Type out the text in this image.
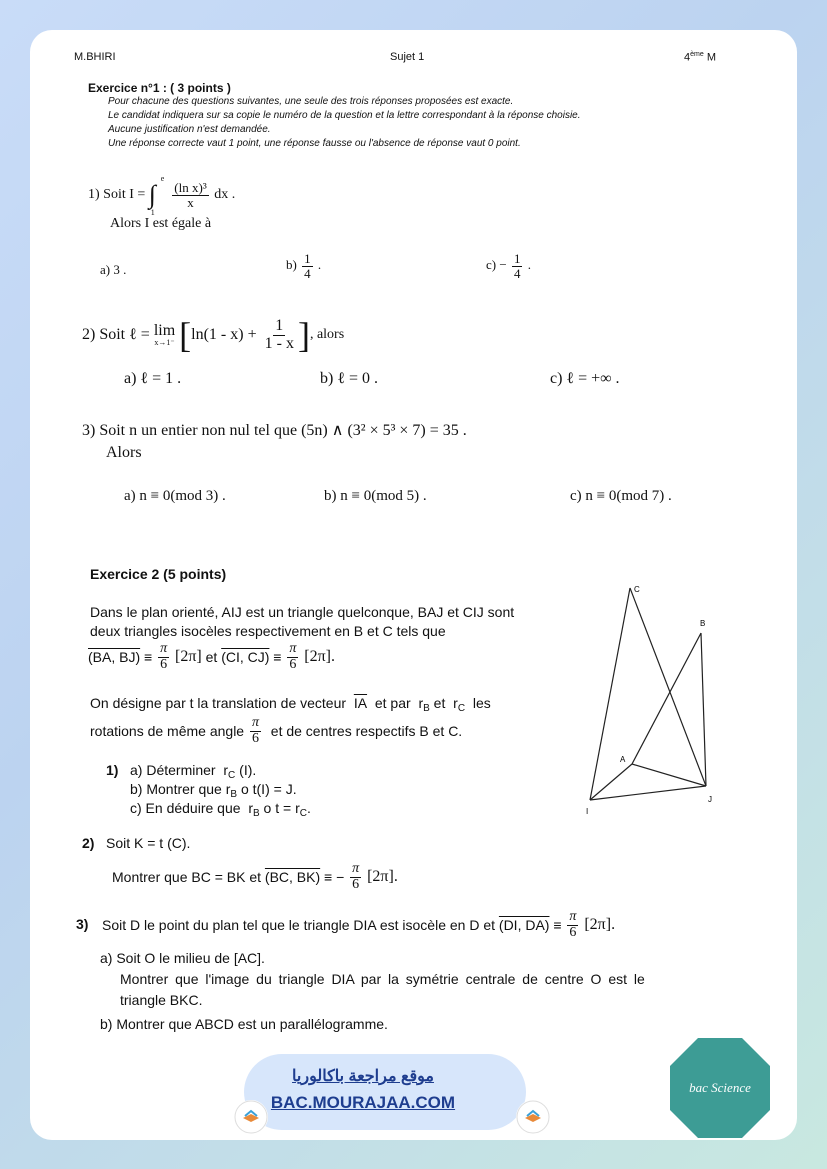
M.BHIRI	Sujet 1	4ème M
Exercice n°1 : ( 3 points )
Pour chacune des questions suivantes, une seule des trois réponses proposées est exacte.
Le candidat indiquera sur sa copie le numéro de la question et la lettre correspondant à la réponse choisie.
Aucune justification n'est demandée.
Une réponse correcte vaut 1 point, une réponse fausse ou l'absence de réponse vaut 0 point.
1) Soit I = ∫
e
1

$\frac{\text{(ln x)³}}{x}$ dx .
Alors I est égale à
a) 3 .	$b) \frac{1}{4}$ .	$c) - \frac{1}{4}$ .
2) Soit ℓ = lim
x→1⁻ [$\ln(1 - x) + \frac{1}{1 - x}$ ], alors
a) ℓ = 1 .	b) ℓ = 0 .	c) ℓ = +∞ .
3) Soit n un entier non nul tel que (5n) ∧ (3² × 5³ × 7) = 35 .
Alors
a) n ≡ 0(mod 3) .	b) n ≡ 0(mod 5) .	c) n ≡ 0(mod 7) .
Exercice 2 (5 points)
Dans le plan orienté, AIJ est un triangle quelconque, BAJ et CIJ sont
deux triangles isocèles respectivement en B et C tels que
(BA, $BJ) \equiv \frac{\pi}{6} [2\pi]$ et (CI, $CJ) \equiv \frac{\pi}{6} [2\pi]$.
On désigne par t la translation de vecteur $\overline{IA}$ et par $r_B$ et $r_C$ les
rotations de même angle $\frac{\pi}{6}$ et de centres respectifs B et C.
1) a) Déterminer $r_C$ (I).
b) Montrer que $r_B$ o t(I) = J.
c) En déduire que $r_B$ o $t = r_C$.
C
B
A
I
J
2) Soit K = t (C).
Montrer que BC = BK et (BC, BK) ≡ − $\frac{\pi}{6} [2\pi]$.
3) Soit D le point du plan tel que le triangle DIA est isocèle en D et (DI, $DA) \equiv \frac{\pi}{6} [2\pi]$.
a) Soit O le milieu de [AC].
Montrer que l'image du triangle DIA par la symétrie centrale de centre O est le
triangle BKC.
b) Montrer que ABCD est un parallélogramme.
موقع مراجعة باكالوريا
BAC.MOURAJAA.COM
bac Science
